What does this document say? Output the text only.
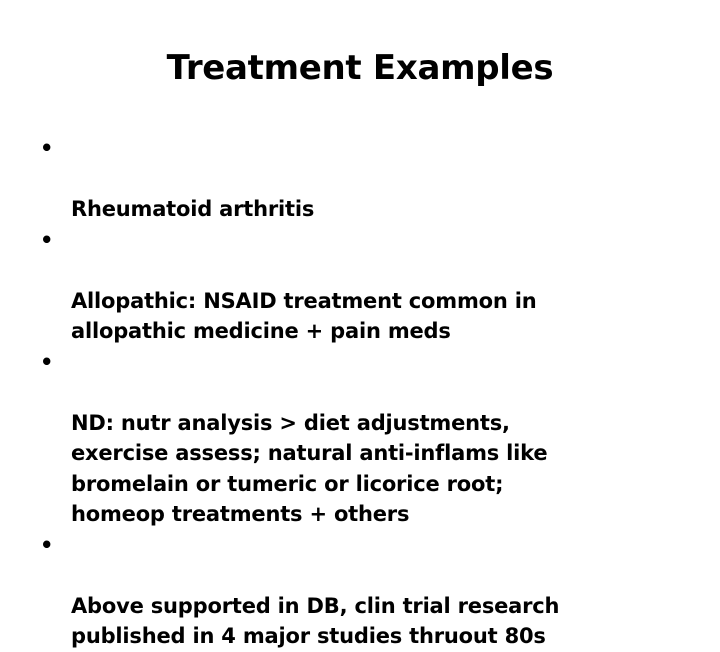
Treatment Examples

•

Rheumatoid arthritis

•

Allopathic: NSAID treatment common in
allopathic medicine + pain meds

•

ND: nutr analysis > diet adjustments,
exercise assess; natural anti-inflams like
bromelain or tumeric or licorice root;
homeop treatments + others

•

Above supported in DB, clin trial research
published in 4 major studies thruout 80s
